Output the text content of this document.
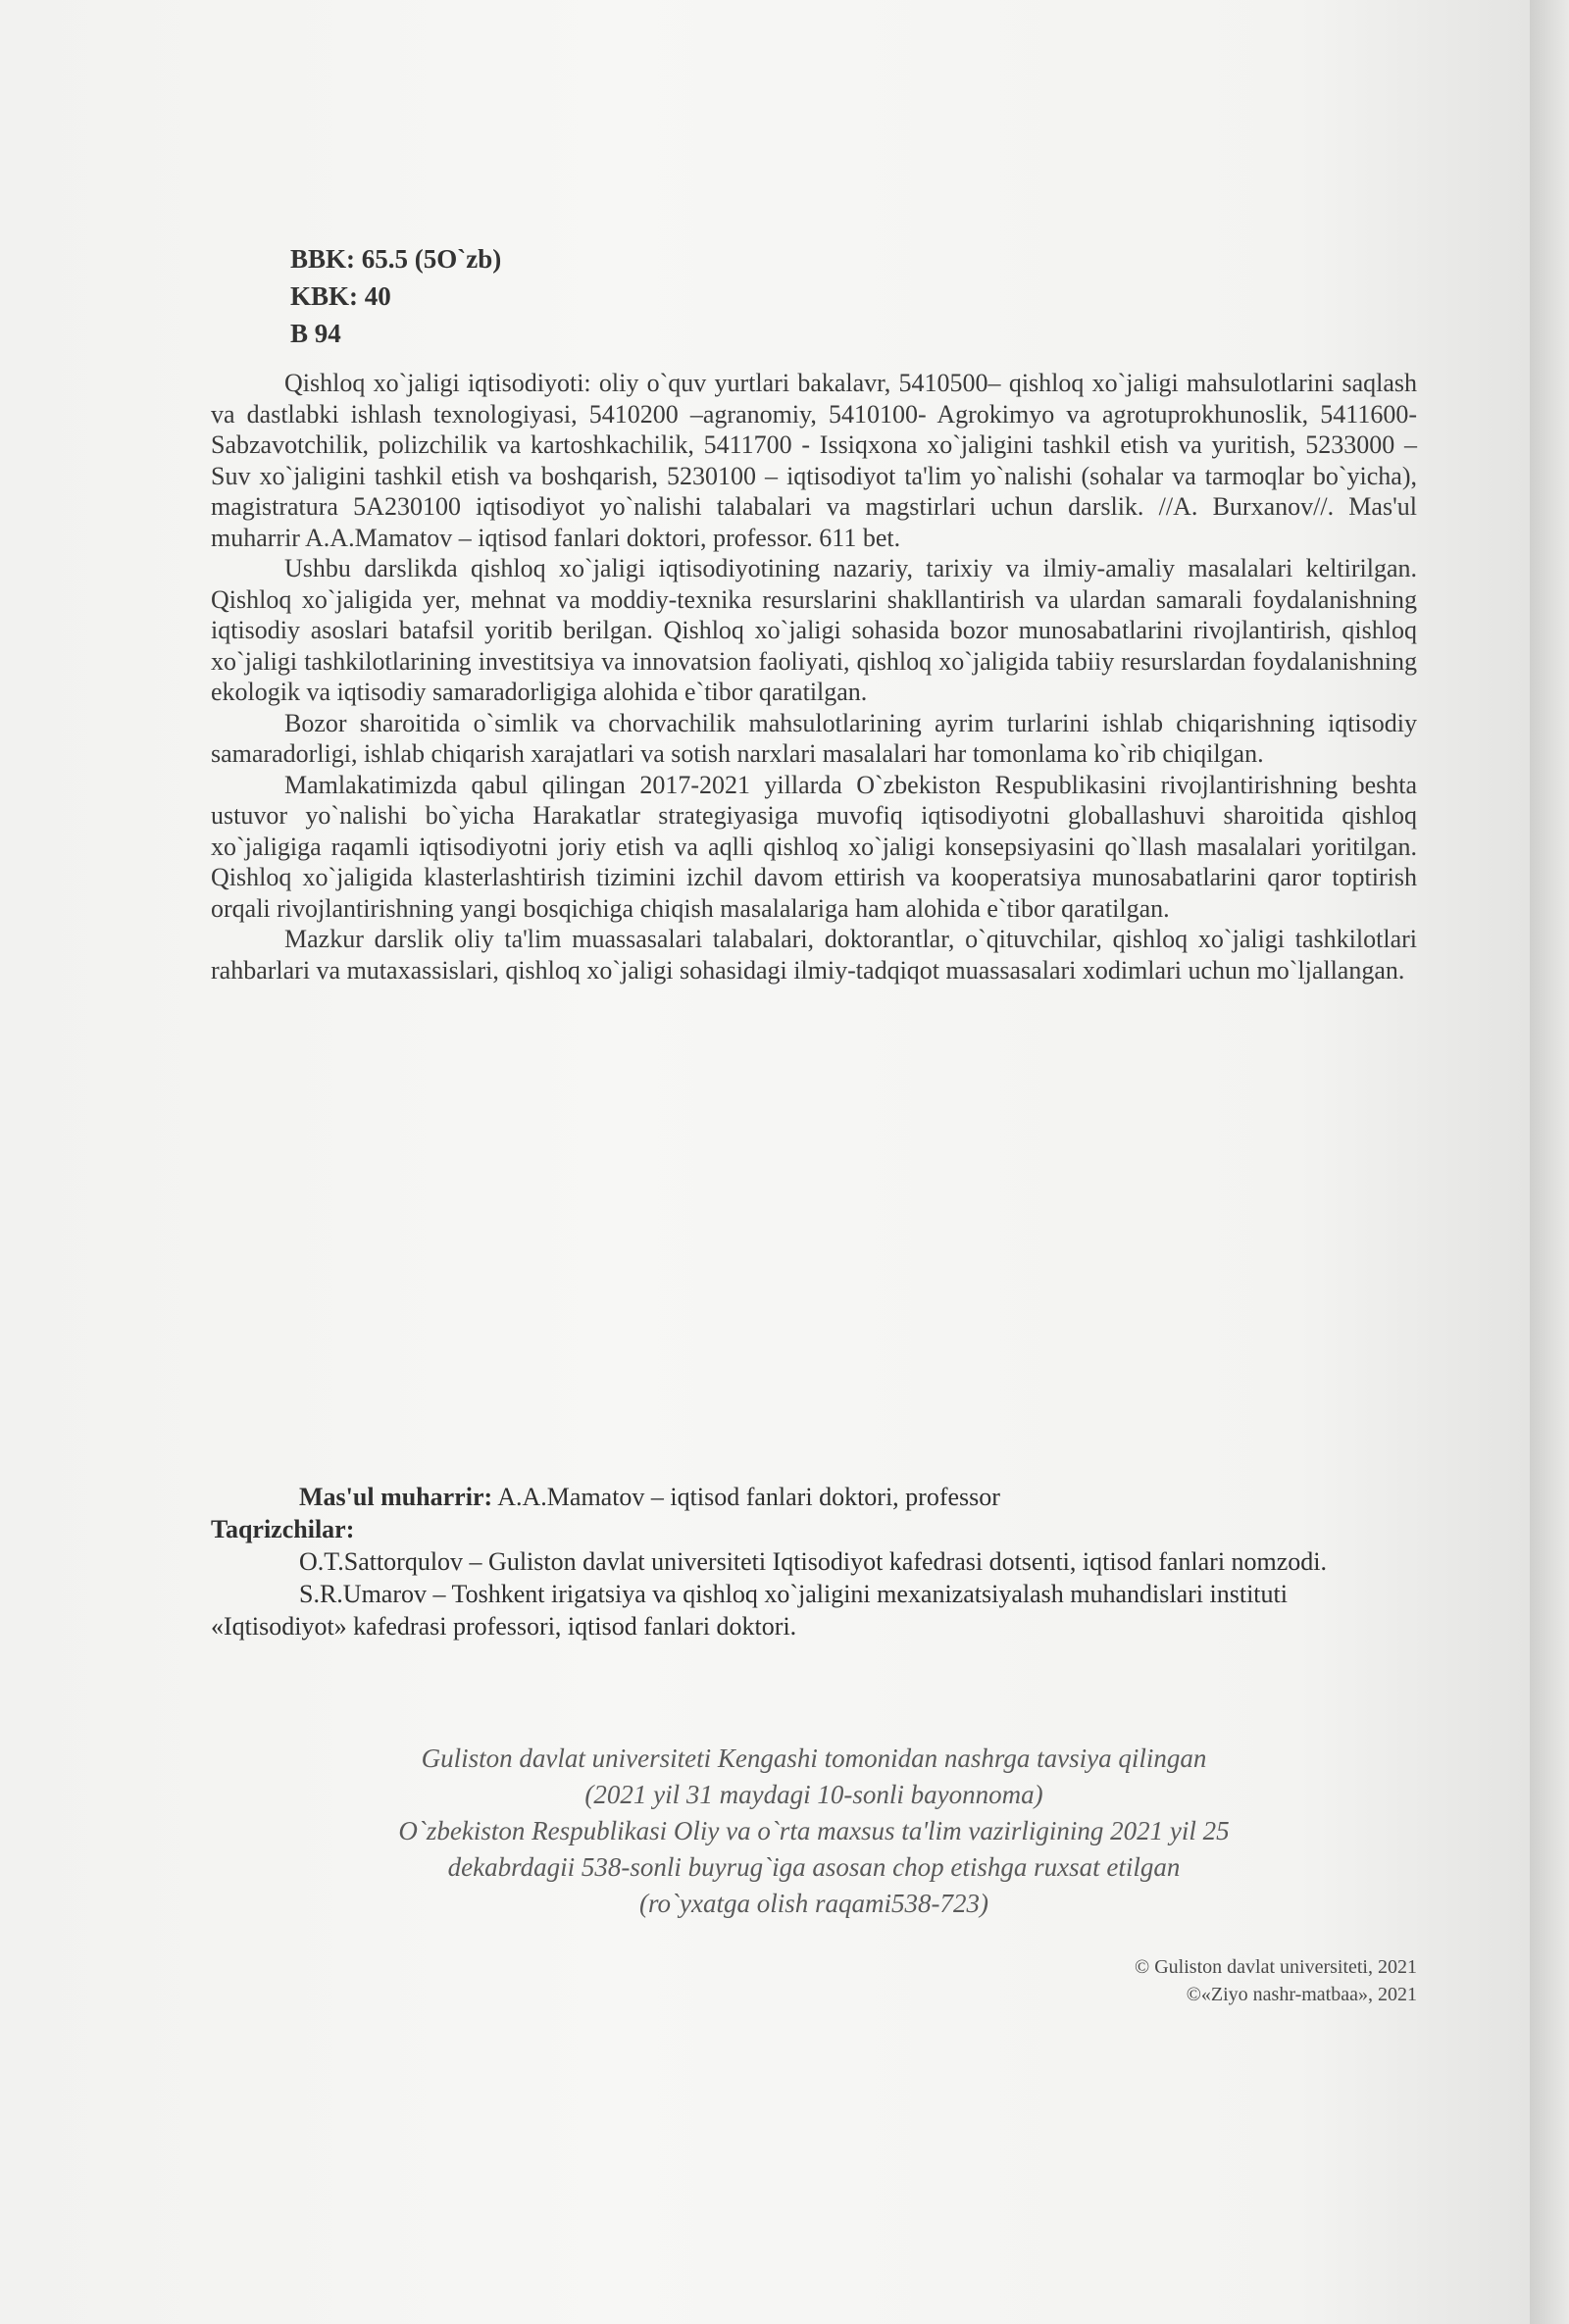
BBK: 65.5 (5O`zb)
KBK: 40
B 94

Qishloq xo`jaligi iqtisodiyoti: oliy o`quv yurtlari bakalavr, 5410500– qishloq xo`jaligi mahsulotlarini saqlash va dastlabki ishlash texnologiyasi, 5410200 –agranomiy, 5410100- Agrokimyo va agrotuprokhunoslik, 5411600- Sabzavotchilik, polizchilik va kartoshkachilik, 5411700 - Issiqxona xo`jaligini tashkil etish va yuritish, 5233000 – Suv xo`jaligini tashkil etish va boshqarish, 5230100 – iqtisodiyot ta'lim yo`nalishi (sohalar va tarmoqlar bo`yicha), magistratura 5A230100 iqtisodiyot yo`nalishi talabalari va magstirlari uchun darslik. //A. Burxanov//. Mas'ul muharrir A.A.Mamatov – iqtisod fanlari doktori, professor. 611 bet.

Ushbu darslikda qishloq xo`jaligi iqtisodiyotining nazariy, tarixiy va ilmiy-amaliy masalalari keltirilgan. Qishloq xo`jaligida yer, mehnat va moddiy-texnika resurslarini shakllantirish va ulardan samarali foydalanishning iqtisodiy asoslari batafsil yoritib berilgan. Qishloq xo`jaligi sohasida bozor munosabatlarini rivojlantirish, qishloq xo`jaligi tashkilotlarining investitsiya va innovatsion faoliyati, qishloq xo`jaligida tabiiy resurslardan foydalanishning ekologik va iqtisodiy samaradorligiga alohida e`tibor qaratilgan.

Bozor sharoitida o`simlik va chorvachilik mahsulotlarining ayrim turlarini ishlab chiqarishning iqtisodiy samaradorligi, ishlab chiqarish xarajatlari va sotish narxlari masalalari har tomonlama ko`rib chiqilgan.

Mamlakatimizda qabul qilingan 2017-2021 yillarda O`zbekiston Respublikasini rivojlantirishning beshta ustuvor yo`nalishi bo`yicha Harakatlar strategiyasiga muvofiq iqtisodiyotni globallashuvi sharoitida qishloq xo`jaligiga raqamli iqtisodiyotni joriy etish va aqlli qishloq xo`jaligi konsepsiyasini qo`llash masalalari yoritilgan. Qishloq xo`jaligida klasterlashtirish tizimini izchil davom ettirish va kooperatsiya munosabatlarini qaror toptirish orqali rivojlantirishning yangi bosqichiga chiqish masalalariga ham alohida e`tibor qaratilgan.

Mazkur darslik oliy ta'lim muassasalari talabalari, doktorantlar, o`qituvchilar, qishloq xo`jaligi tashkilotlari rahbarlari va mutaxassislari, qishloq xo`jaligi sohasidagi ilmiy-tadqiqot muassasalari xodimlari uchun mo`ljallangan.

Mas'ul muharrir: A.A.Mamatov – iqtisod fanlari doktori, professor

Taqrizchilar:

O.T.Sattorqulov – Guliston davlat universiteti Iqtisodiyot kafedrasi dotsenti, iqtisod fanlari nomzodi.

S.R.Umarov – Toshkent irigatsiya va qishloq xo`jaligini mexanizatsiyalash muhandislari instituti «Iqtisodiyot» kafedrasi professori, iqtisod fanlari doktori.

Guliston davlat universiteti Kengashi tomonidan nashrga tavsiya qilingan

(2021 yil 31 maydagi 10-sonli bayonnoma)

O`zbekiston Respublikasi Oliy va o`rta maxsus ta'lim vazirligining 2021 yil 25

dekabrdagii 538-sonli buyrug`iga asosan chop etishga ruxsat etilgan

(ro`yxatga olish raqami538-723)

© Guliston davlat universiteti, 2021

©«Ziyo nashr-matbaa», 2021
